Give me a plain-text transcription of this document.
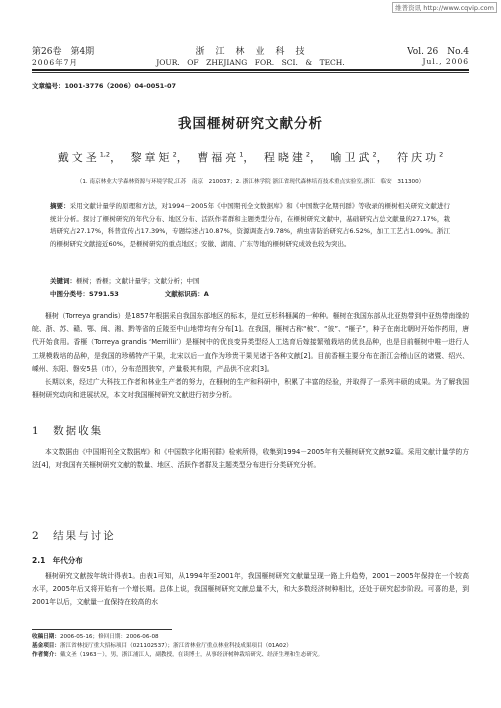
维普资讯 http://www.cqvip.com
第26卷　第4期	浙　江　林　业　科　技	Vol. 26　No.4
2006年7月	JOUR.　OF　ZHEJIANG　FOR.　SCI.　&　TECH.	Jul., 2006
文章编号：1001-3776（2006）04-0051-07
我国榧树研究文献分析
戴文圣$^{1,2}$， 黎章矩$^2$， 曹福亮$^1$， 程晓建$^2$， 喻卫武$^2$， 符庆功$^2$
（1. 南京林业大学森林资源与环境学院,江苏　南京　210037；2. 浙江林学院 浙江省现代森林培育技术重点实验室,浙江　临安　311300）
摘要：采用文献计量学的原理和方法，对1994－2005年《中国期刊全文数据库》和《中国数字化期刊群》等收录的榧树相关研究文献进行统计分析。探讨了榧树研究的年代分布、地区分布、活跃作者群和主题类型分布，在榧树研究文献中，基础研究占总文献量的27.17%，栽培研究占27.17%，科普宣传占17.39%，专题综述占10.87%，资源调查占9.78%，病虫害防治研究占6.52%，加工工艺占1.09%。浙江的榧树研究文献接近60%，是榧树研究的重点地区；安徽、湖南、广东等地的榧树研究成效也较为突出。
关键词：榧树；香榧；文献计量学；文献分析；中国
中图分类号：S791.53	文献标识码：A

榧树（Torreya grandis）是1857年根据采自我国东部地区的标本，是红豆杉科榧属的一种种。榧树在我国东部从北亚热带到中亚热带南缘的皖、浙、苏、赣、鄂、闽、湘、黔等省的丘陵至中山地带均有分布[1]。在我国，榧树古称“柀”、“彼”、“榧子”，种子在南北朝时开始作药用，唐代开始食用。香榧（Torreya grandis ‘Merrillii’）是榧树中的优良变异类型经人工选育后嫁接繁殖栽培的优良品种，也是目前榧树中唯一进行人工规模栽培的品种，是我国的珍稀特产干果，北宋以后一直作为珍贵干果见诸于各种文献[2]。目前香榧主要分布在浙江会稽山区的诸暨、绍兴、嵊州、东阳、磐安5县（市），分布范围狭窄，产量极其有限，产品供不应求[3]。

长期以来，经过广大科技工作者和林业生产者的努力，在榧树的生产和科研中，积累了丰富的经验，并取得了一系列丰硕的成果。为了解我国榧树研究动向和进展状况，本文对我国榧树研究文献进行初步分析。

1　数据收集

本文数据由《中国期刊全文数据库》和《中国数字化期刊群》检索所得，收集到1994－2005年有关榧树研究文献92篇。采用文献计量学的方法[4]，对我国有关榧树研究文献的数量、地区、活跃作者群及主题类型分布进行分类研究分析。

2　结果与讨论
2.1　年代分布

榧树研究文献按年统计得表1。由表1可知，从1994年至2001年，我国榧树研究文献量呈现一路上升趋势，2001－2005年保持在一个较高水平，2005年后又将开始有一个增长期。总体上说，我国榧树研究文献总量不大，和大多数经济树种相比，还处于研究起步阶段。可喜的是，到2001年以后，文献量一直保持在较高的水

收稿日期：2006-05-16；修回日期：2006-06-08
基金项目：浙江省林技厅重大招标项目（021102537）；浙江省林业厅重点林业科技成果项目（01A02）
作者简介：戴文圣（1963－），男，浙江浦江人，副教授，在读博士，从事经济树种栽培研究、经济生理和生态研究。
